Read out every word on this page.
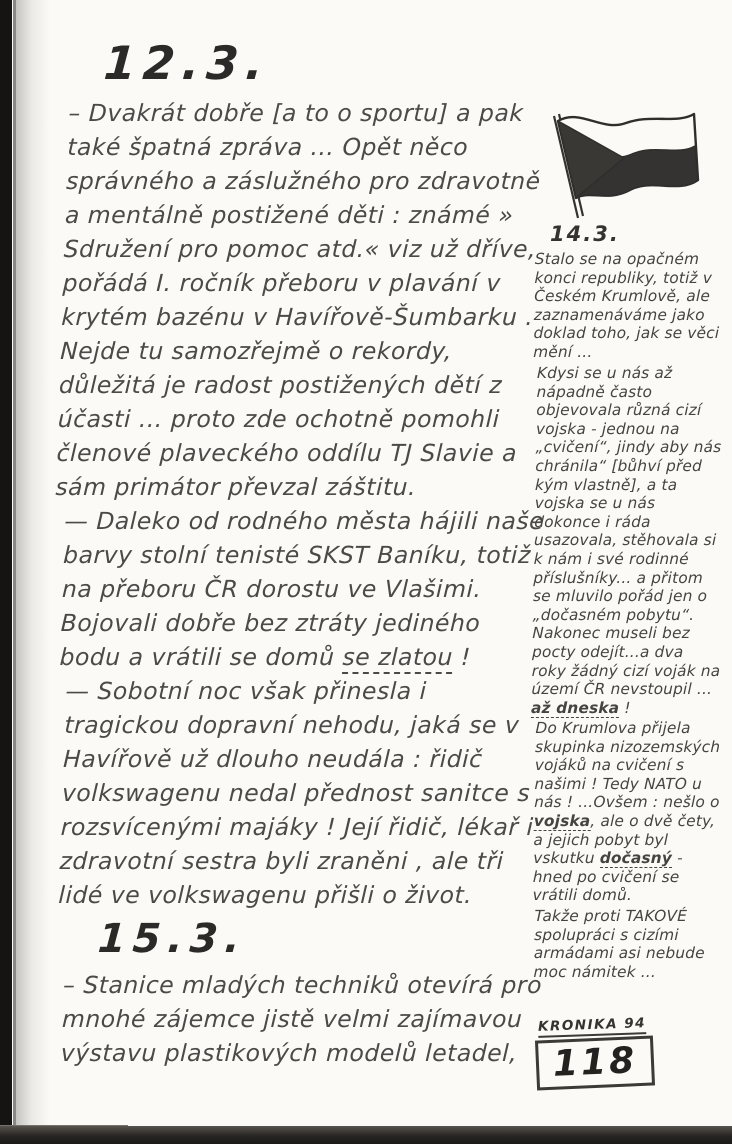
12.3.

– Dvakrát dobře [a to o sportu] a pak také špatná zpráva ... Opět něco správného a záslužného pro zdravotně a mentálně postižené děti : známé » Sdružení pro pomoc atd.« viz už dříve, pořádá I. ročník přeboru v plavání v krytém bazénu v Havířově-Šumbarku . Nejde tu samozřejmě o rekordy, důležitá je radost postižených dětí z účasti ... proto zde ochotně pomohli členové plaveckého oddílu TJ Slavie a sám primátor převzal záštitu.

— Daleko od rodného města hájili naše barvy stolní tenisté SKST Baníku, totiž na přeboru ČR dorostu ve Vlašimi. Bojovali dobře bez ztráty jediného bodu a vrátili se domů se zlatou !

— Sobotní noc však přinesla i tragickou dopravní nehodu, jaká se v Havířově už dlouho neudála : řidič volkswagenu nedal přednost sanitce s rozsvícenými majáky ! Její řidič, lékař i zdravotní sestra byli zraněni , ale tři lidé ve volkswagenu přišli o život.

15.3.

– Stanice mladých techniků otevírá pro mnohé zájemce jistě velmi zajímavou výstavu plastikových modelů letadel,

14.3.

Stalo se na opačném konci republiky, totiž v Českém Krumlově, ale zaznamenáváme jako doklad toho, jak se věci mění ...

Kdysi se u nás až nápadně často objevovala různá cizí vojska - jednou na „cvičení“, jindy aby nás chránila“ [bůhví před kým vlastně], a ta vojska se u nás dokonce i ráda usazovala, stěhovala si k nám i své rodinné příslušníky... a přitom se mluvilo pořád jen o „dočasném pobytu“. Nakonec museli bez pocty odejít...a dva roky žádný cizí voják na území ČR nevstoupil ... až dneska !

Do Krumlova přijela skupinka nizozemských vojáků na cvičení s našimi ! Tedy NATO u nás ! ...Ovšem : nešlo o vojska, ale o dvě čety, a jejich pobyt byl vskutku dočasný - hned po cvičení se vrátili domů.

Takže proti TAKOVÉ spolupráci s cizími armádami asi nebude moc námitek ...

KRONIKA 94
118
